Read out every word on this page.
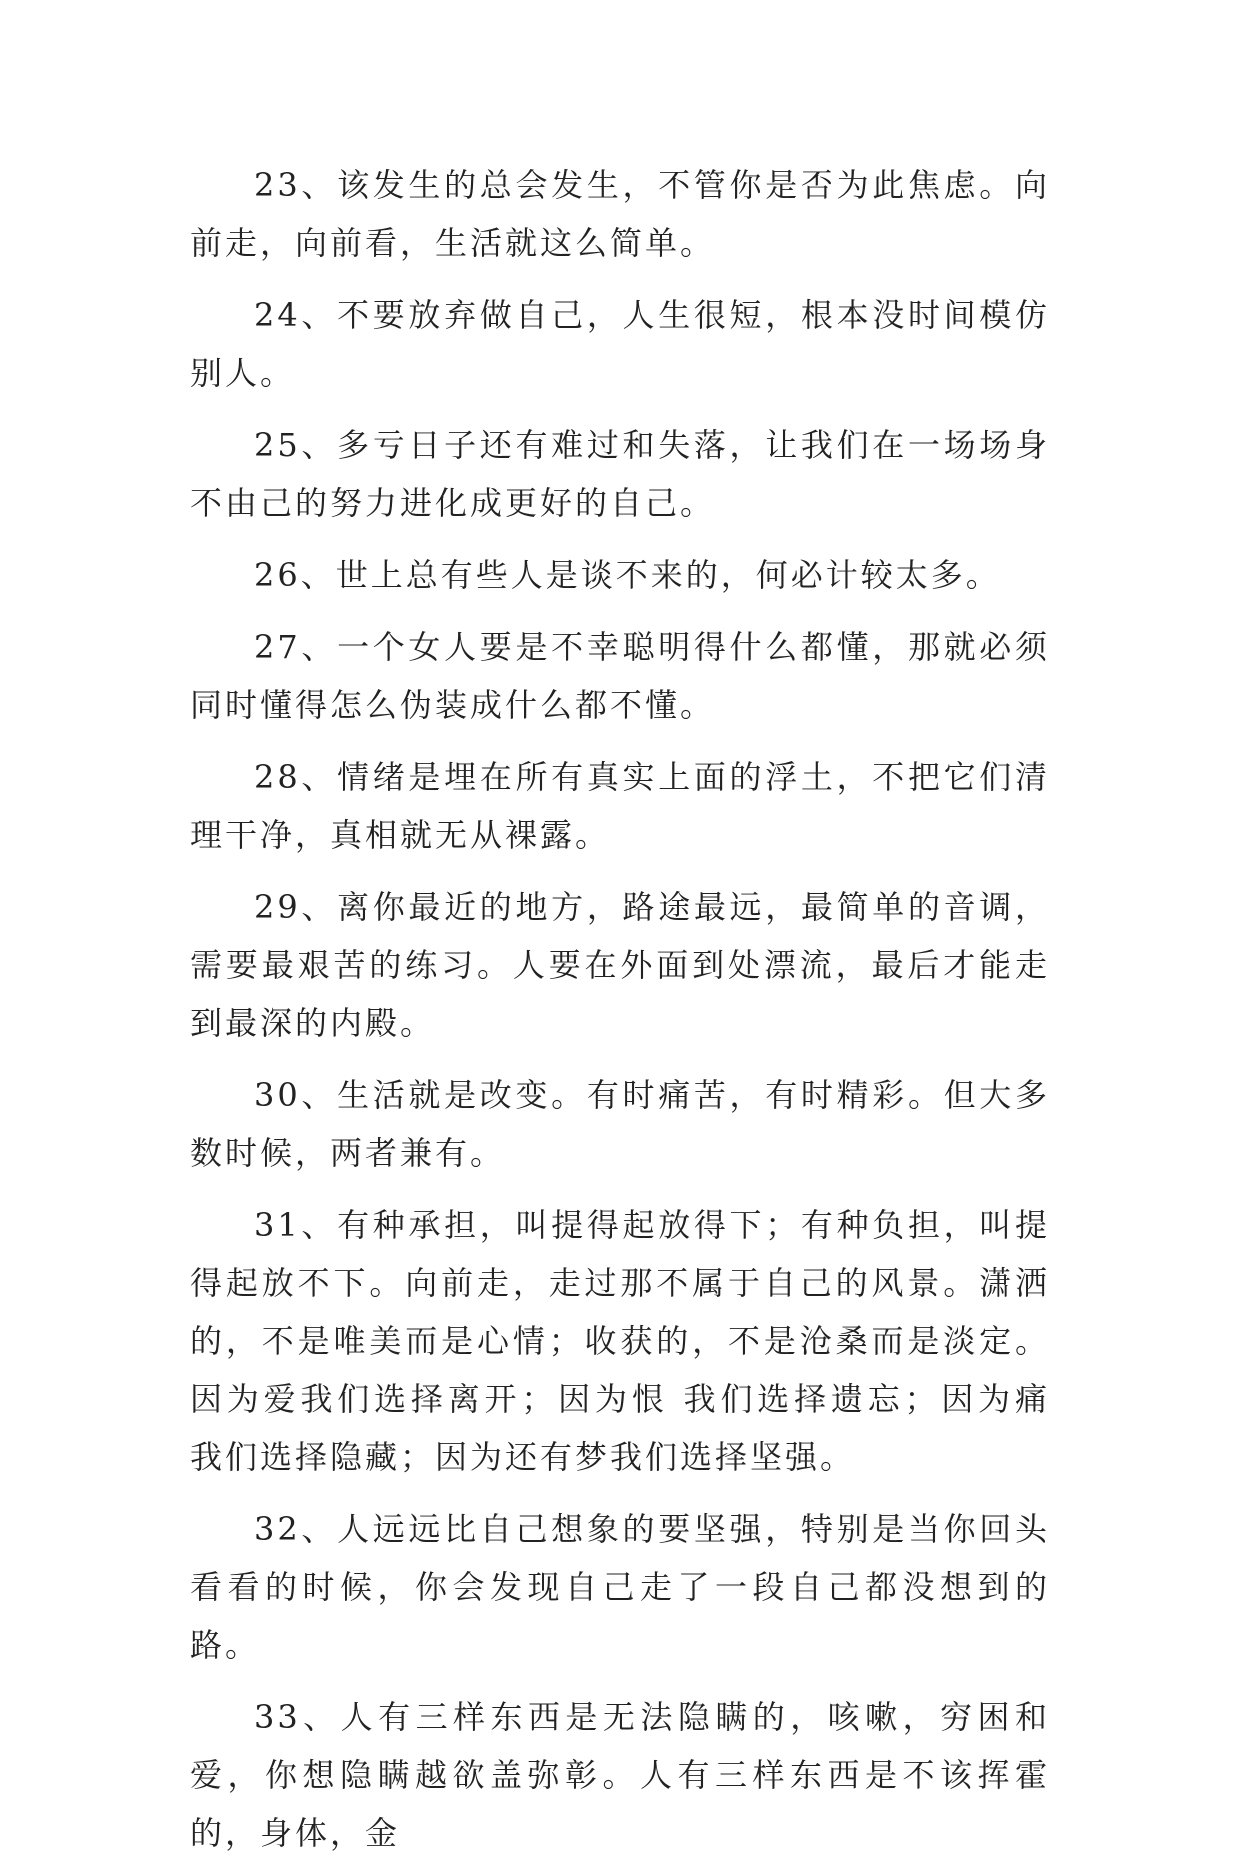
23、该发生的总会发生，不管你是否为此焦虑。向前走，向前看，生活就这么简单。

24、不要放弃做自己，人生很短，根本没时间模仿别人。

25、多亏日子还有难过和失落，让我们在一场场身不由己的努力进化成更好的自己。

26、世上总有些人是谈不来的，何必计较太多。

27、一个女人要是不幸聪明得什么都懂，那就必须同时懂得怎么伪装成什么都不懂。

28、情绪是埋在所有真实上面的浮土，不把它们清理干净，真相就无从裸露。

29、离你最近的地方，路途最远，最简单的音调，需要最艰苦的练习。人要在外面到处漂流，最后才能走到最深的内殿。

30、生活就是改变。有时痛苦，有时精彩。但大多数时候，两者兼有。

31、有种承担，叫提得起放得下；有种负担，叫提得起放不下。向前走，走过那不属于自己的风景。潇洒的，不是唯美而是心情；收获的，不是沧桑而是淡定。因为爱我们选择离开；因为恨 我们选择遗忘；因为痛 我们选择隐藏；因为还有梦我们选择坚强。

32、人远远比自己想象的要坚强，特别是当你回头看看的时候，你会发现自己走了一段自己都没想到的路。

33、人有三样东西是无法隐瞒的，咳嗽，穷困和爱，你想隐瞒越欲盖弥彰。人有三样东西是不该挥霍的，身体，金
